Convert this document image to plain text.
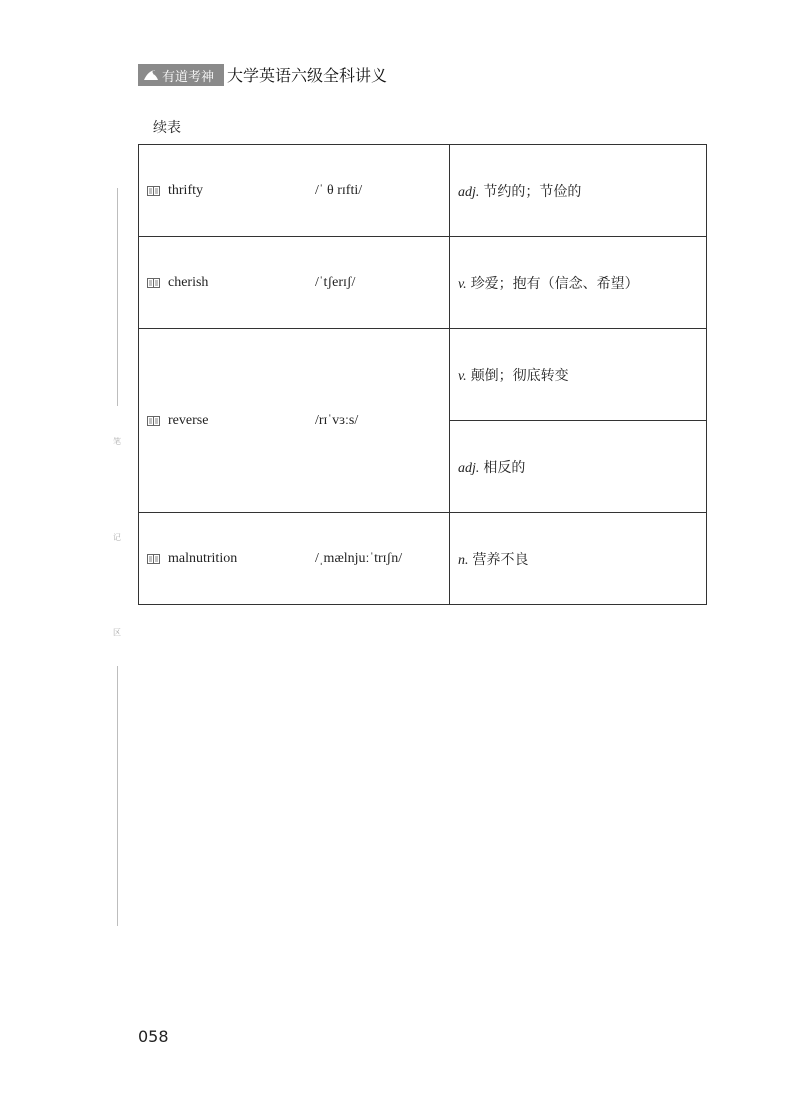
有道考神 大学英语六级全科讲义
续表
笔
记
区
thrifty /ˈ θ rɪfti/	adj. 节约的；节俭的

cherish /ˈtʃerɪʃ/	v. 珍爱；抱有（信念、希望）

reverse /rɪˈvɜːs/	v. 颠倒；彻底转变

	adj. 相反的

malnutrition /ˌmælnjuːˈtrɪʃn/	n. 营养不良
058
